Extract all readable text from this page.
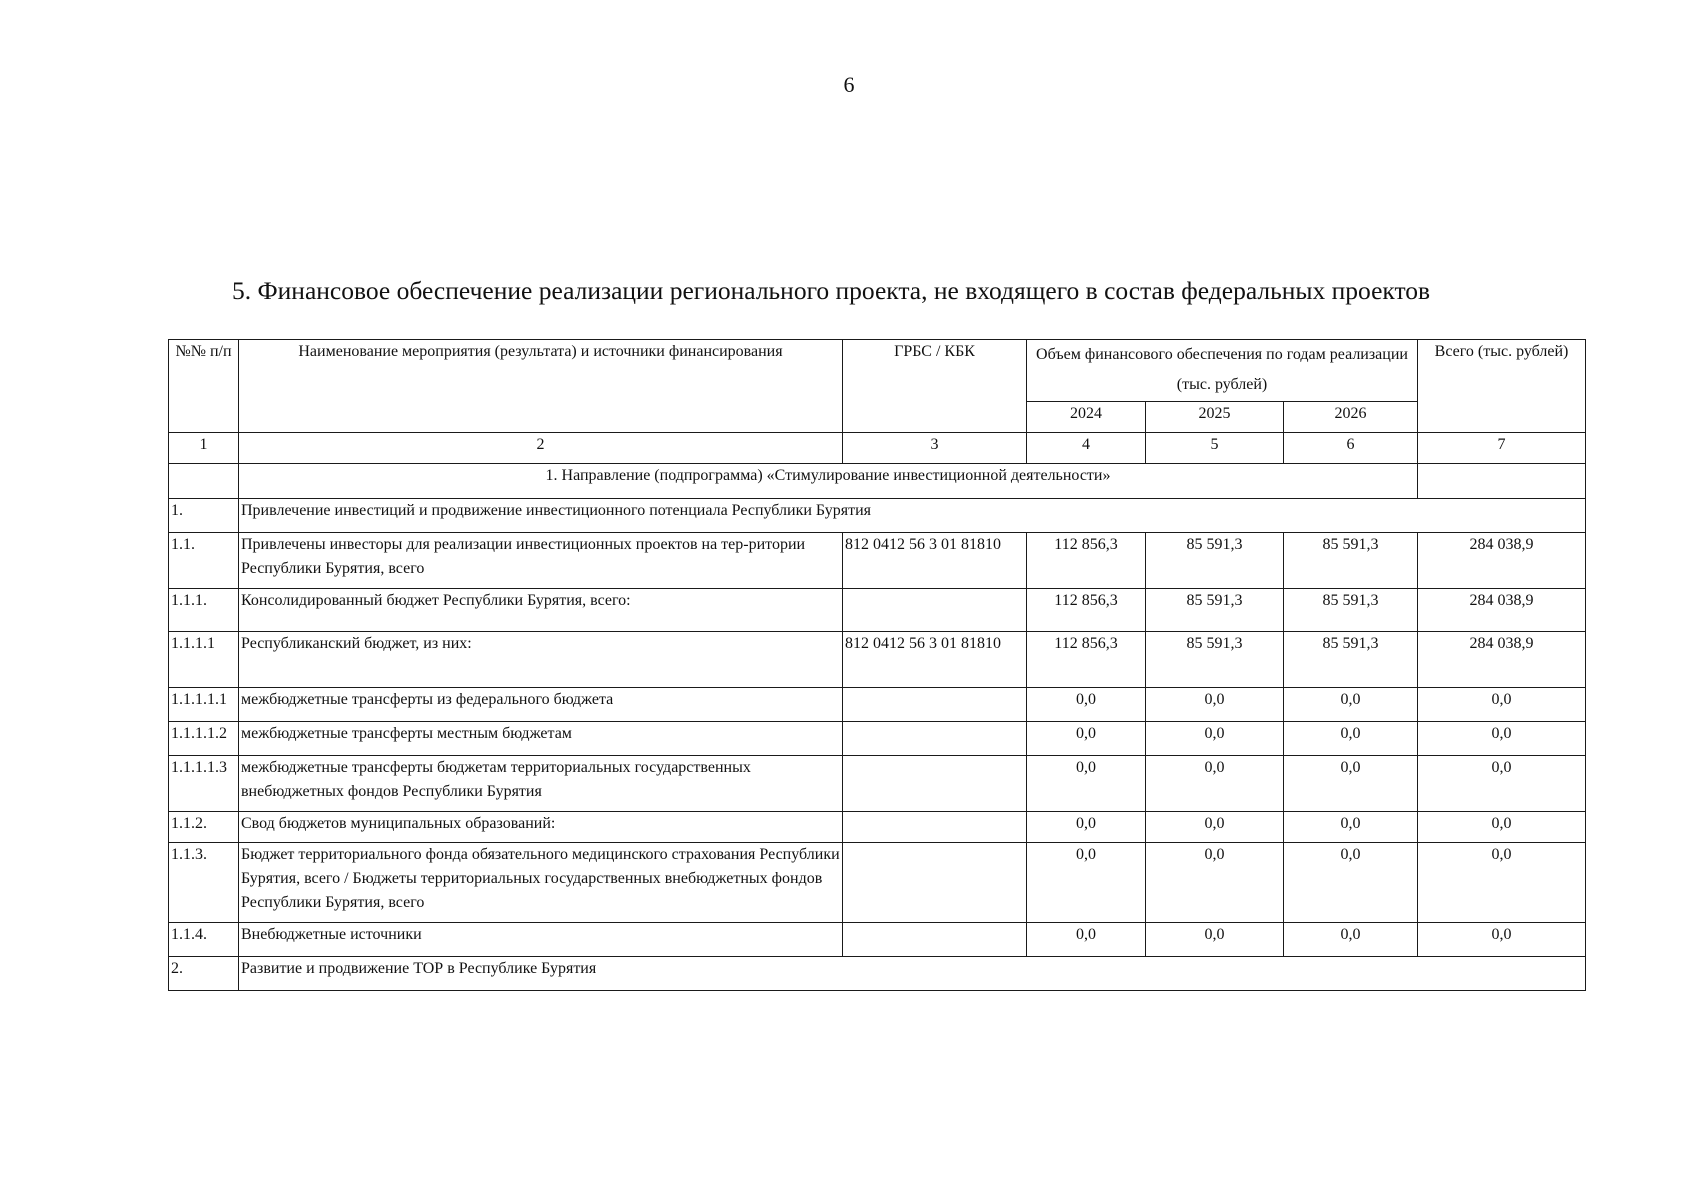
6
5. Финансовое обеспечение реализации регионального проекта, не входящего в состав федеральных проектов
№№ п/п	Наименование мероприятия (результата) и источники финансирования	ГРБС / КБК	Объем финансового обеспечения по годам реализации (тыс. рублей)			Всего (тыс. рублей)
			2024	2025	2026	
1	2	3	4	5	6	7
	1. Направление (подпрограмма) «Стимулирование инвестиционной деятельности»					
1.	Привлечение инвестиций и продвижение инвестиционного потенциала Республики Бурятия					
1.1.	Привлечены инвесторы для реализации инвестиционных проектов на тер-ритории Республики Бурятия, всего	812 0412 56 3 01 81810	112 856,3	85 591,3	85 591,3	284 038,9
1.1.1.	Консолидированный бюджет Республики Бурятия, всего:		112 856,3	85 591,3	85 591,3	284 038,9
1.1.1.1	Республиканский бюджет, из них:	812 0412 56 3 01 81810	112 856,3	85 591,3	85 591,3	284 038,9
1.1.1.1.1	межбюджетные трансферты из федерального бюджета		0,0	0,0	0,0	0,0
1.1.1.1.2	межбюджетные трансферты местным бюджетам		0,0	0,0	0,0	0,0
1.1.1.1.3	межбюджетные трансферты бюджетам территориальных государственных внебюджетных фондов Республики Бурятия		0,0	0,0	0,0	0,0
1.1.2.	Свод бюджетов муниципальных образований:		0,0	0,0	0,0	0,0
1.1.3.	Бюджет территориального фонда обязательного медицинского страхования Республики Бурятия, всего / Бюджеты территориальных государственных внебюджетных фондов Республики Бурятия, всего		0,0	0,0	0,0	0,0
1.1.4.	Внебюджетные источники		0,0	0,0	0,0	0,0
2.	Развитие и продвижение ТОР в Республике Бурятия					
